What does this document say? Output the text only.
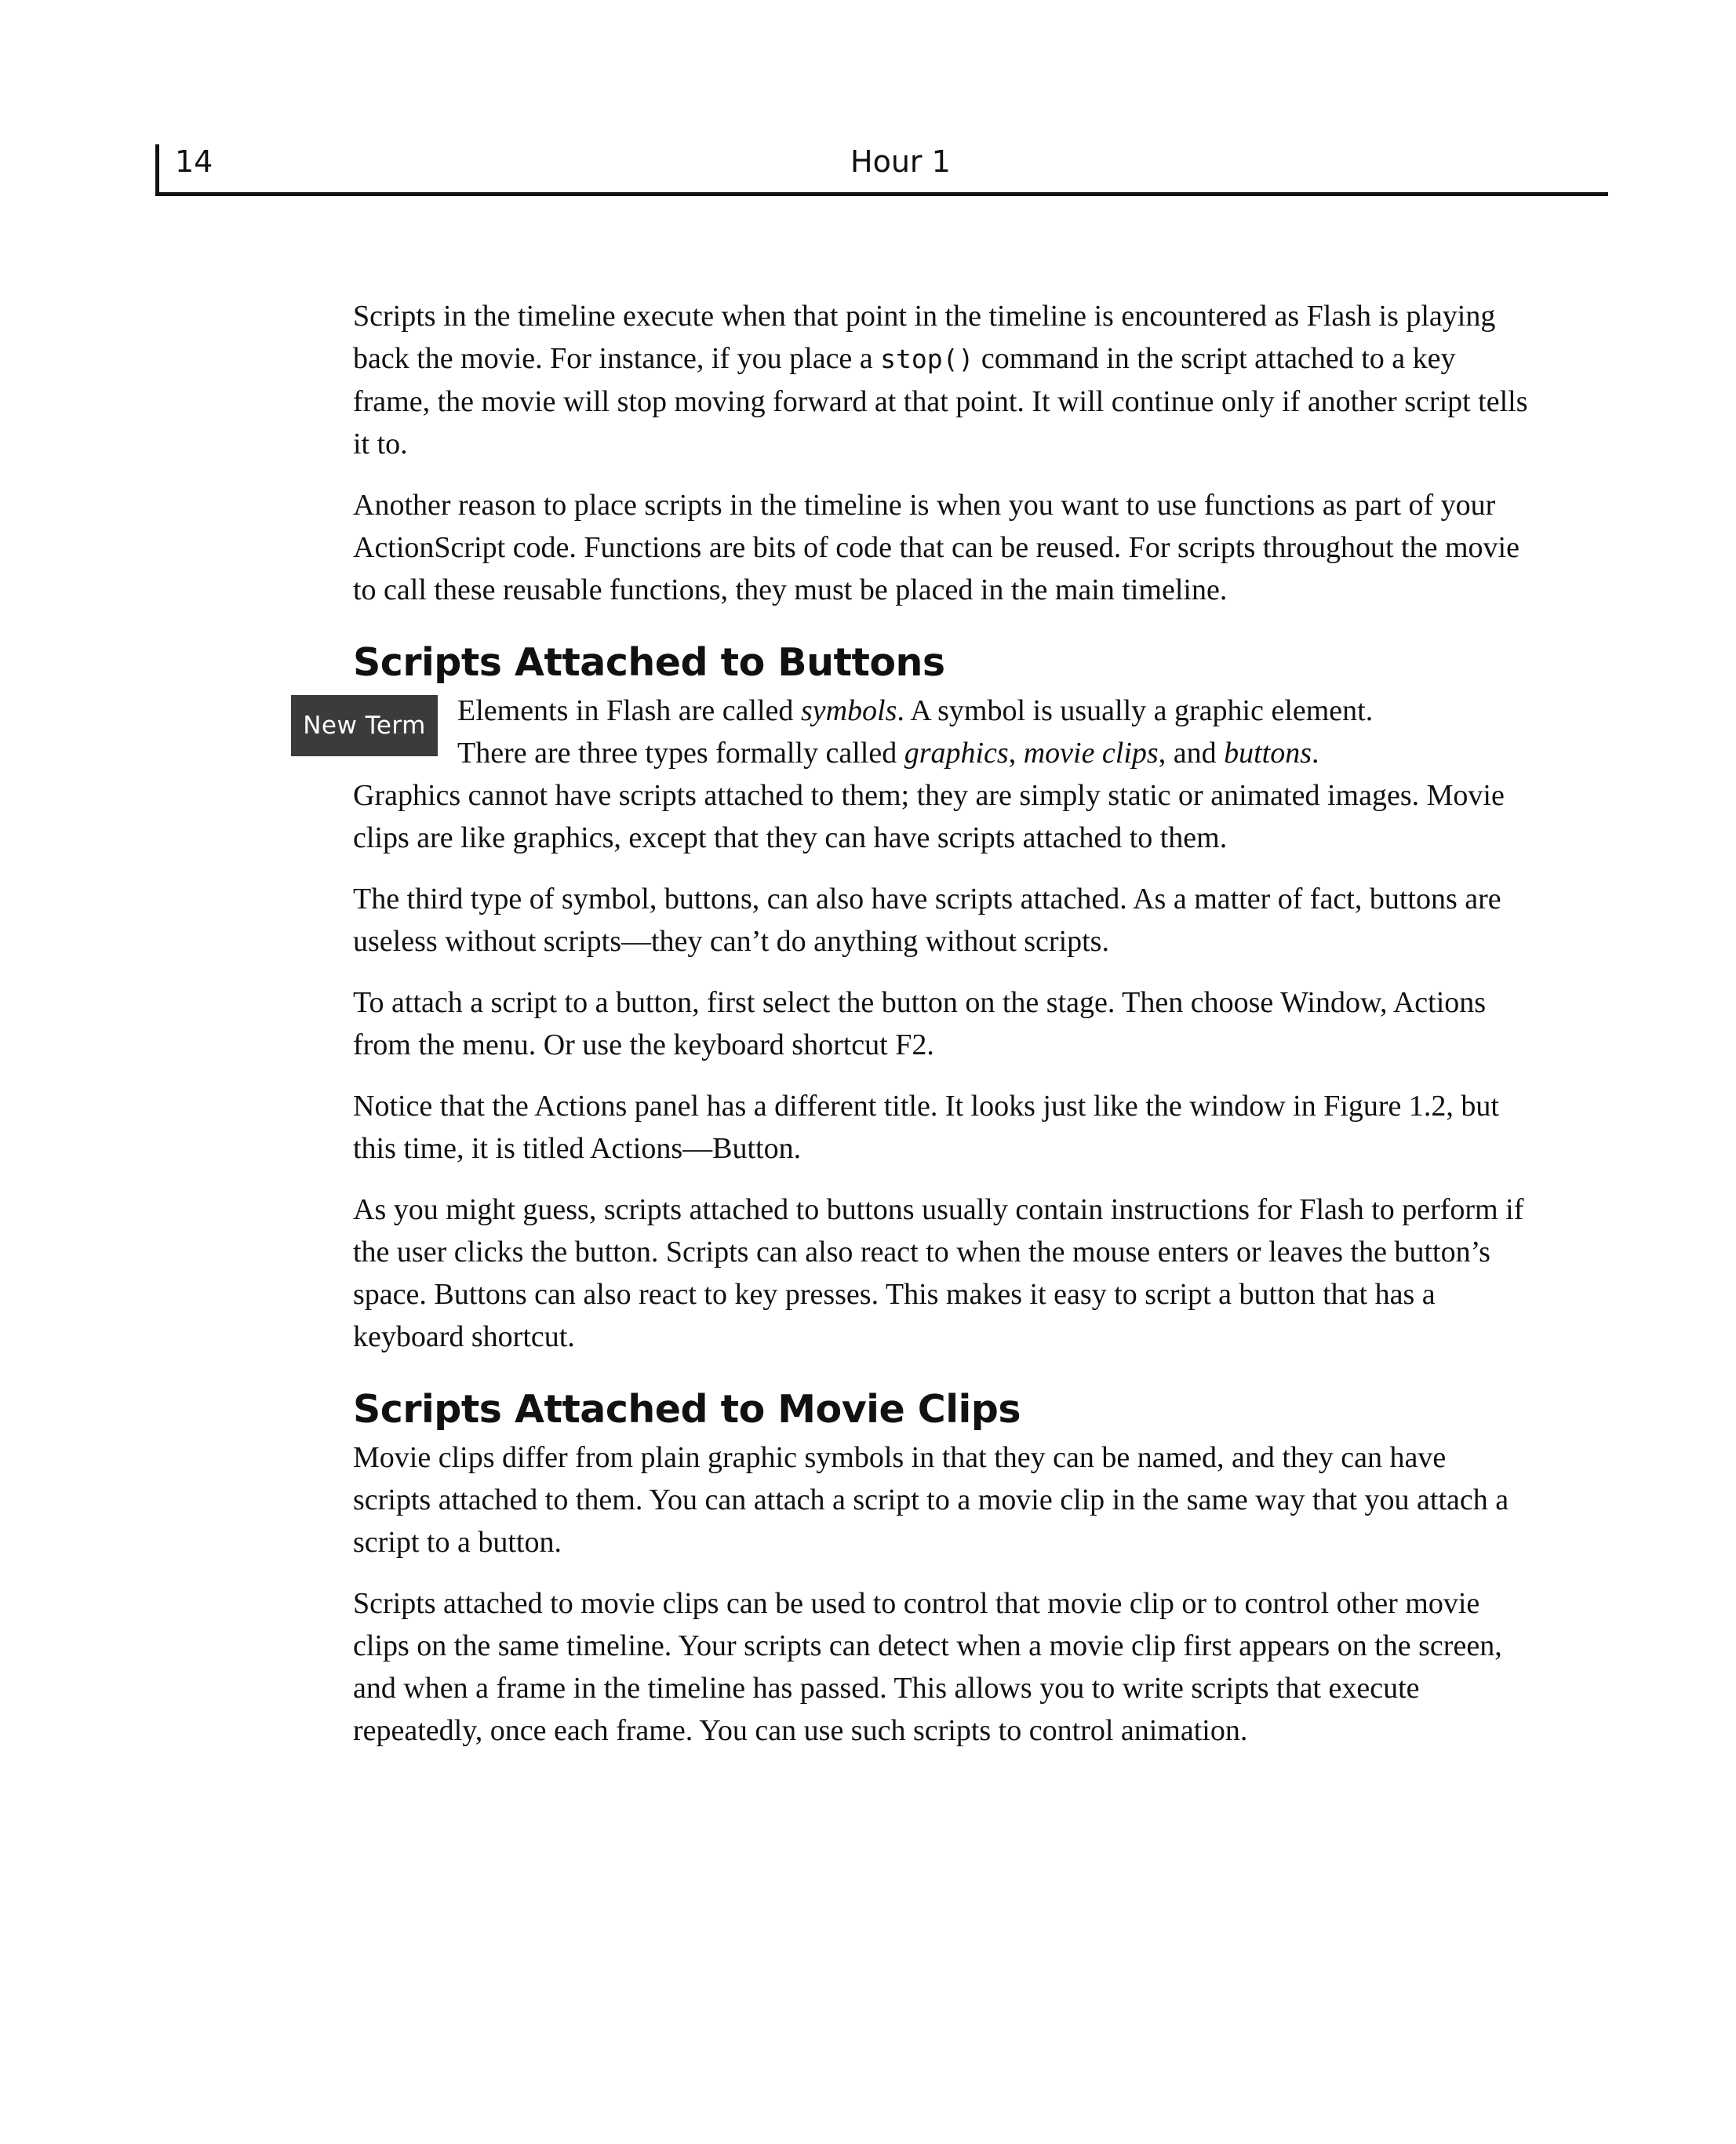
14	Hour 1

Scripts in the timeline execute when that point in the timeline is encountered as Flash is playing back the movie. For instance, if you place a stop() command in the script attached to a key frame, the movie will stop moving forward at that point. It will continue only if another script tells it to.

Another reason to place scripts in the timeline is when you want to use functions as part of your ActionScript code. Functions are bits of code that can be reused. For scripts throughout the movie to call these reusable functions, they must be placed in the main timeline.

Scripts Attached to Buttons
New Term	Elements in Flash are called symbols. A symbol is usually a graphic element.
There are three types formally called graphics, movie clips, and buttons.
Graphics cannot have scripts attached to them; they are simply static or animated images. Movie clips are like graphics, except that they can have scripts attached to them.

The third type of symbol, buttons, can also have scripts attached. As a matter of fact, buttons are useless without scripts—they can’t do anything without scripts.

To attach a script to a button, first select the button on the stage. Then choose Window, Actions from the menu. Or use the keyboard shortcut F2.

Notice that the Actions panel has a different title. It looks just like the window in Figure 1.2, but this time, it is titled Actions—Button.

As you might guess, scripts attached to buttons usually contain instructions for Flash to perform if the user clicks the button. Scripts can also react to when the mouse enters or leaves the button’s space. Buttons can also react to key presses. This makes it easy to script a button that has a keyboard shortcut.

Scripts Attached to Movie Clips

Movie clips differ from plain graphic symbols in that they can be named, and they can have scripts attached to them. You can attach a script to a movie clip in the same way that you attach a script to a button.

Scripts attached to movie clips can be used to control that movie clip or to control other movie clips on the same timeline. Your scripts can detect when a movie clip first appears on the screen, and when a frame in the timeline has passed. This allows you to write scripts that execute repeatedly, once each frame. You can use such scripts to control animation.
